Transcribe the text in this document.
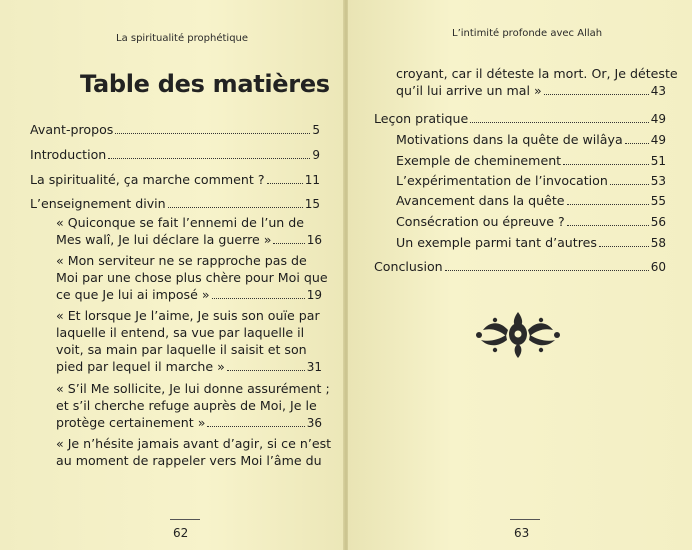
La spiritualité prophétique
Table des matières
Avant-propos	5
Introduction	9
La spiritualité, ça marche comment ?	11
L’enseignement divin	15
« Quiconque se fait l’ennemi de l’un de
Mes walî, Je lui déclare la guerre »	16
« Mon serviteur ne se rapproche pas de
Moi par une chose plus chère pour Moi que
ce que Je lui ai imposé »	19
« Et lorsque Je l’aime, Je suis son ouïe par
laquelle il entend, sa vue par laquelle il
voit, sa main par laquelle il saisit et son
pied par lequel il marche »	31
« S’il Me sollicite, Je lui donne assurément ;
et s’il cherche refuge auprès de Moi, Je le
protège certainement »	36
« Je n’hésite jamais avant d’agir, si ce n’est
au moment de rappeler vers Moi l’âme du
62
L’intimité profonde avec Allah
croyant, car il déteste la mort. Or, Je déteste
qu’il lui arrive un mal »	43
Leçon pratique	49
Motivations dans la quête de wilâya 49
Exemple de cheminement	51
L’expérimentation de l’invocation	53
Avancement dans la quête	55
Consécration ou épreuve ?	56
Un exemple parmi tant d’autres	58
Conclusion	60
63
